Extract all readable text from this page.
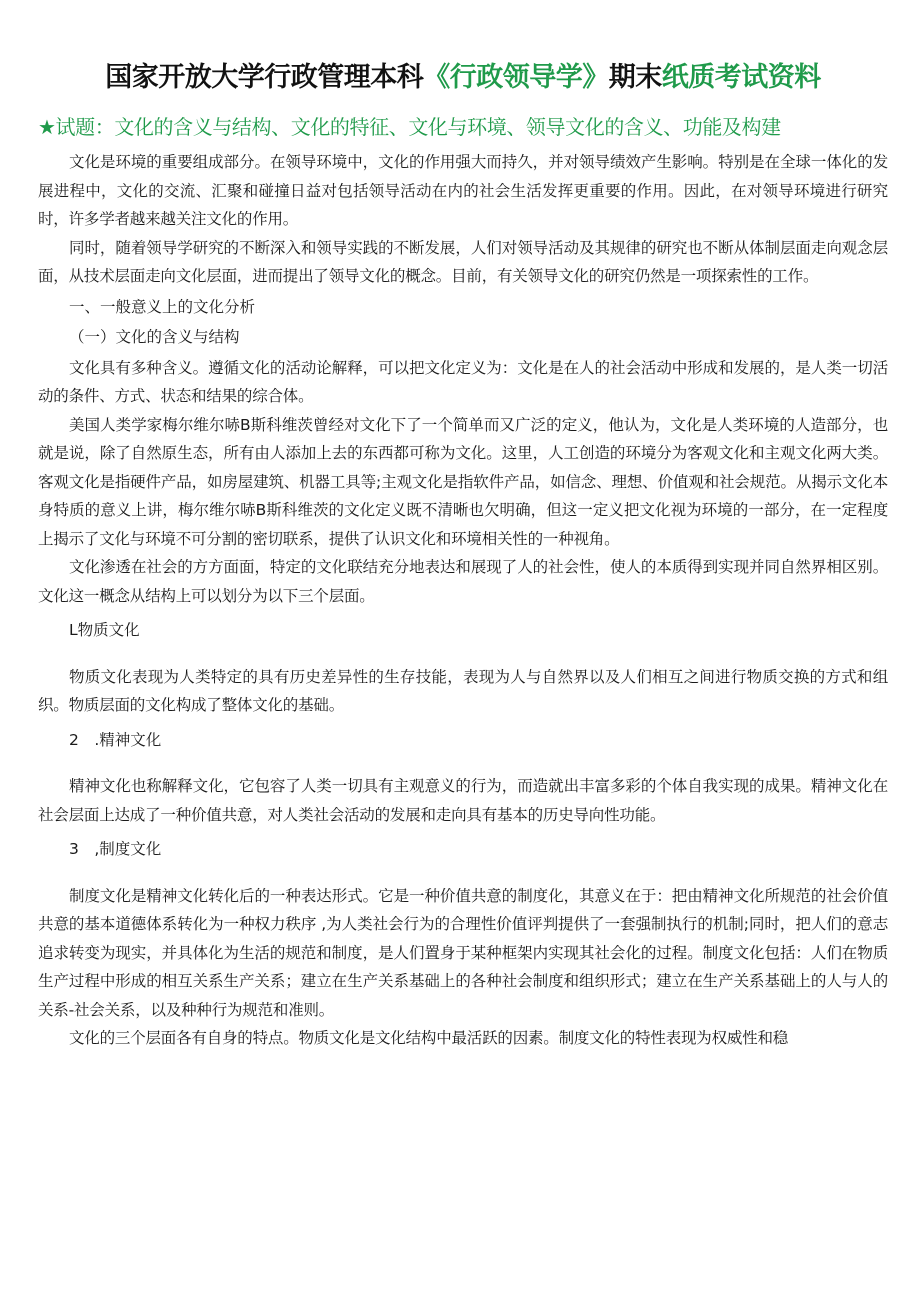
国家开放大学行政管理本科《行政领导学》期末纸质考试资料
★试题：文化的含义与结构、文化的特征、文化与环境、领导文化的含义、功能及构建

文化是环境的重要组成部分。在领导环境中，文化的作用强大而持久，并对领导绩效产生影响。特别是在全球一体化的发展进程中，文化的交流、汇聚和碰撞日益对包括领导活动在内的社会生活发挥更重要的作用。因此，在对领导环境进行研究时，许多学者越来越关注文化的作用。

同时，随着领导学研究的不断深入和领导实践的不断发展，人们对领导活动及其规律的研究也不断从体制层面走向观念层面，从技术层面走向文化层面，进而提出了领导文化的概念。目前，有关领导文化的研究仍然是一项探索性的工作。

一、一般意义上的文化分析
（一）文化的含义与结构

文化具有多种含义。遵循文化的活动论解释，可以把文化定义为：文化是在人的社会活动中形成和发展的，是人类一切活动的条件、方式、状态和结果的综合体。

美国人类学家梅尔维尔哧B斯科维茨曾经对文化下了一个简单而又广泛的定义，他认为，文化是人类环境的人造部分，也就是说，除了自然原生态，所有由人添加上去的东西都可称为文化。这里，人工创造的环境分为客观文化和主观文化两大类。客观文化是指硬件产品，如房屋建筑、机器工具等;主观文化是指软件产品，如信念、理想、价值观和社会规范。从揭示文化本身特质的意义上讲，梅尔维尔哧B斯科维茨的文化定义既不清晰也欠明确，但这一定义把文化视为环境的一部分，在一定程度上揭示了文化与环境不可分割的密切联系，提供了认识文化和环境相关性的一种视角。

文化渗透在社会的方方面面，特定的文化联结充分地表达和展现了人的社会性，使人的本质得到实现并同自然界相区别。文化这一概念从结构上可以划分为以下三个层面。

L物质文化

物质文化表现为人类特定的具有历史差异性的生存技能，表现为人与自然界以及人们相互之间进行物质交换的方式和组织。物质层面的文化构成了整体文化的基础。

2　.精神文化

精神文化也称解释文化，它包容了人类一切具有主观意义的行为，而造就出丰富多彩的个体自我实现的成果。精神文化在社会层面上达成了一种价值共意，对人类社会活动的发展和走向具有基本的历史导向性功能。

3　,制度文化

制度文化是精神文化转化后的一种表达形式。它是一种价值共意的制度化，其意义在于：把由精神文化所规范的社会价值共意的基本道德体系转化为一种权力秩序 ,为人类社会行为的合理性价值评判提供了一套强制执行的机制;同时，把人们的意志追求转变为现实，并具体化为生活的规范和制度，是人们置身于某种框架内实现其社会化的过程。制度文化包括：人们在物质生产过程中形成的相互关系生产关系；建立在生产关系基础上的各种社会制度和组织形式；建立在生产关系基础上的人与人的关系-社会关系，以及种种行为规范和准则。

文化的三个层面各有自身的特点。物质文化是文化结构中最活跃的因素。制度文化的特性表现为权威性和稳
